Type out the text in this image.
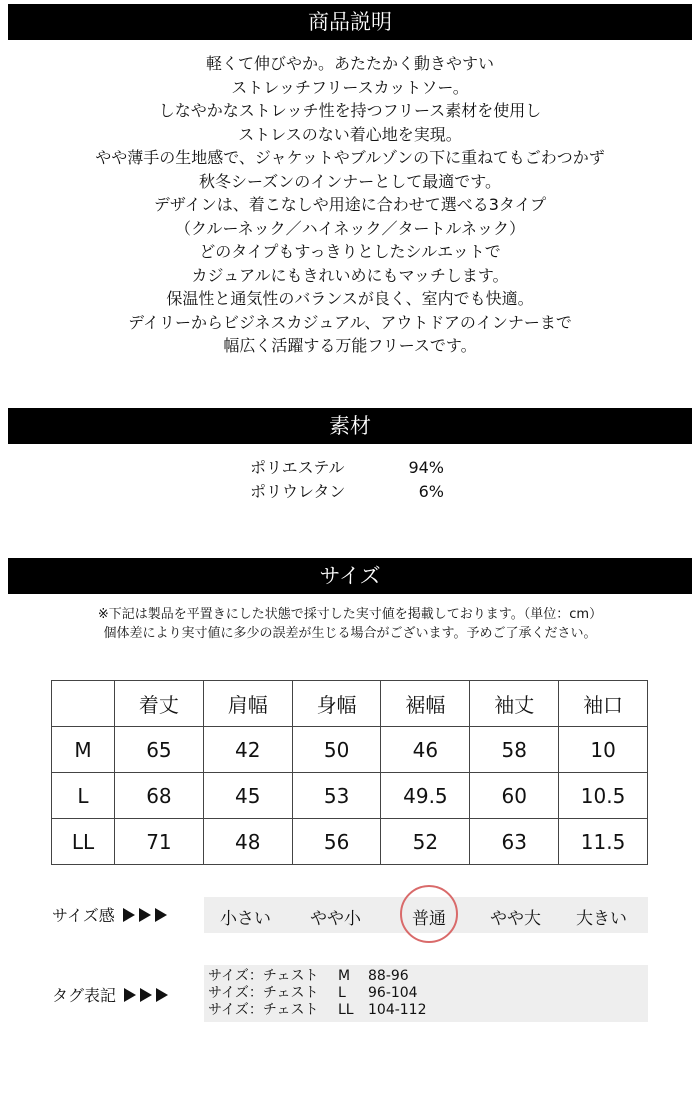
商品説明
素材
サイズ
軽くて伸びやか。あたたかく動きやすい
ストレッチフリースカットソー。
しなやかなストレッチ性を持つフリース素材を使用し
ストレスのない着心地を実現。
やや薄手の生地感で、ジャケットやブルゾンの下に重ねてもごわつかず
秋冬シーズンのインナーとして最適です。
デザインは、着こなしや用途に合わせて選べる3タイプ
（クルーネック／ハイネック／タートルネック）
どのタイプもすっきりとしたシルエットで
カジュアルにもきれいめにもマッチします。
保温性と通気性のバランスが良く、室内でも快適。
デイリーからビジネスカジュアル、アウトドアのインナーまで
幅広く活躍する万能フリースです。
ポリエステル	94%
ポリウレタン	6%
※下記は製品を平置きにした状態で採寸した実寸値を掲載しております。（単位：cm）
個体差により実寸値に多少の誤差が生じる場合がございます。予めご了承ください。
	着丈	肩幅	身幅	裾幅	袖丈	袖口
M	65	42	50	46	58	10
L	68	45	53	49.5	60	10.5
LL	71	48	56	52	63	11.5
サイズ感	小さい やや小	普通	やや大 大きい
タグ表記
サイズ：チェスト	M	88-96
サイズ：チェスト	L	96-104
サイズ：チェスト	LL	104-112
